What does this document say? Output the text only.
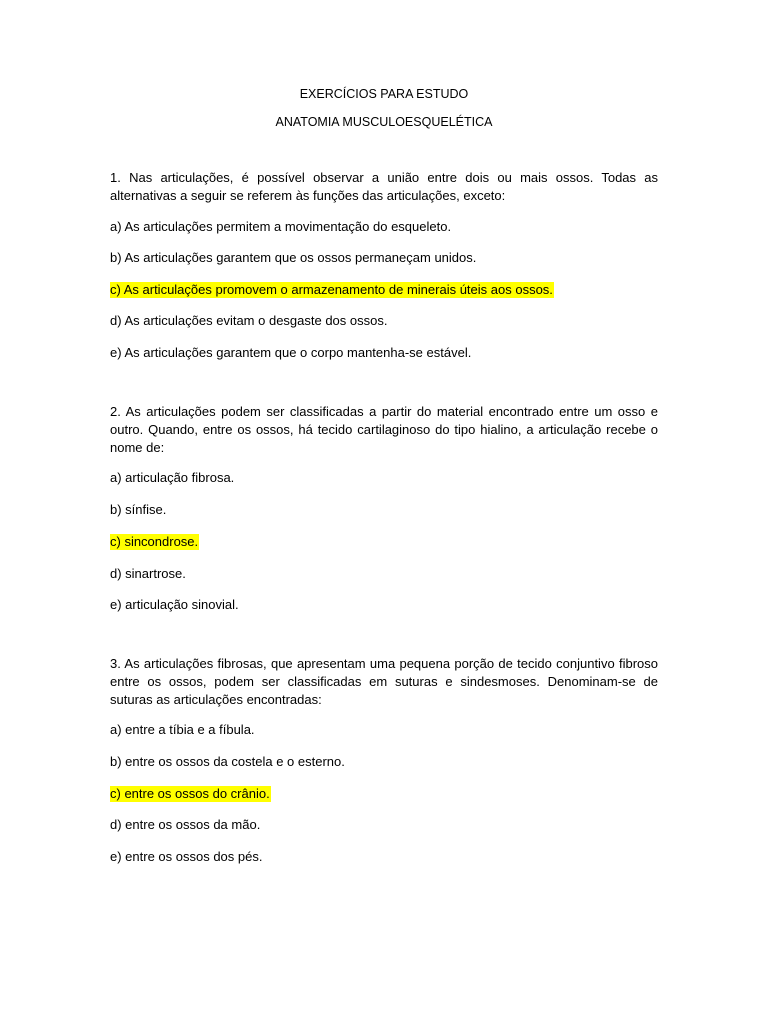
EXERCÍCIOS PARA ESTUDO
ANATOMIA MUSCULOESQUELÉTICA
1. Nas articulações, é possível observar a união entre dois ou mais ossos. Todas as alternativas a seguir se referem às funções das articulações, exceto:
a) As articulações permitem a movimentação do esqueleto.
b) As articulações garantem que os ossos permaneçam unidos.
c) As articulações promovem o armazenamento de minerais úteis aos ossos.
d) As articulações evitam o desgaste dos ossos.
e) As articulações garantem que o corpo mantenha-se estável.
2. As articulações podem ser classificadas a partir do material encontrado entre um osso e outro. Quando, entre os ossos, há tecido cartilaginoso do tipo hialino, a articulação recebe o nome de:
a) articulação fibrosa.
b) sínfise.
c) sincondrose.
d) sinartrose.
e) articulação sinovial.
3. As articulações fibrosas, que apresentam uma pequena porção de tecido conjuntivo fibroso entre os ossos, podem ser classificadas em suturas e sindesmoses. Denominam-se de suturas as articulações encontradas:
a) entre a tíbia e a fíbula.
b) entre os ossos da costela e o esterno.
c) entre os ossos do crânio.
d) entre os ossos da mão.
e) entre os ossos dos pés.
